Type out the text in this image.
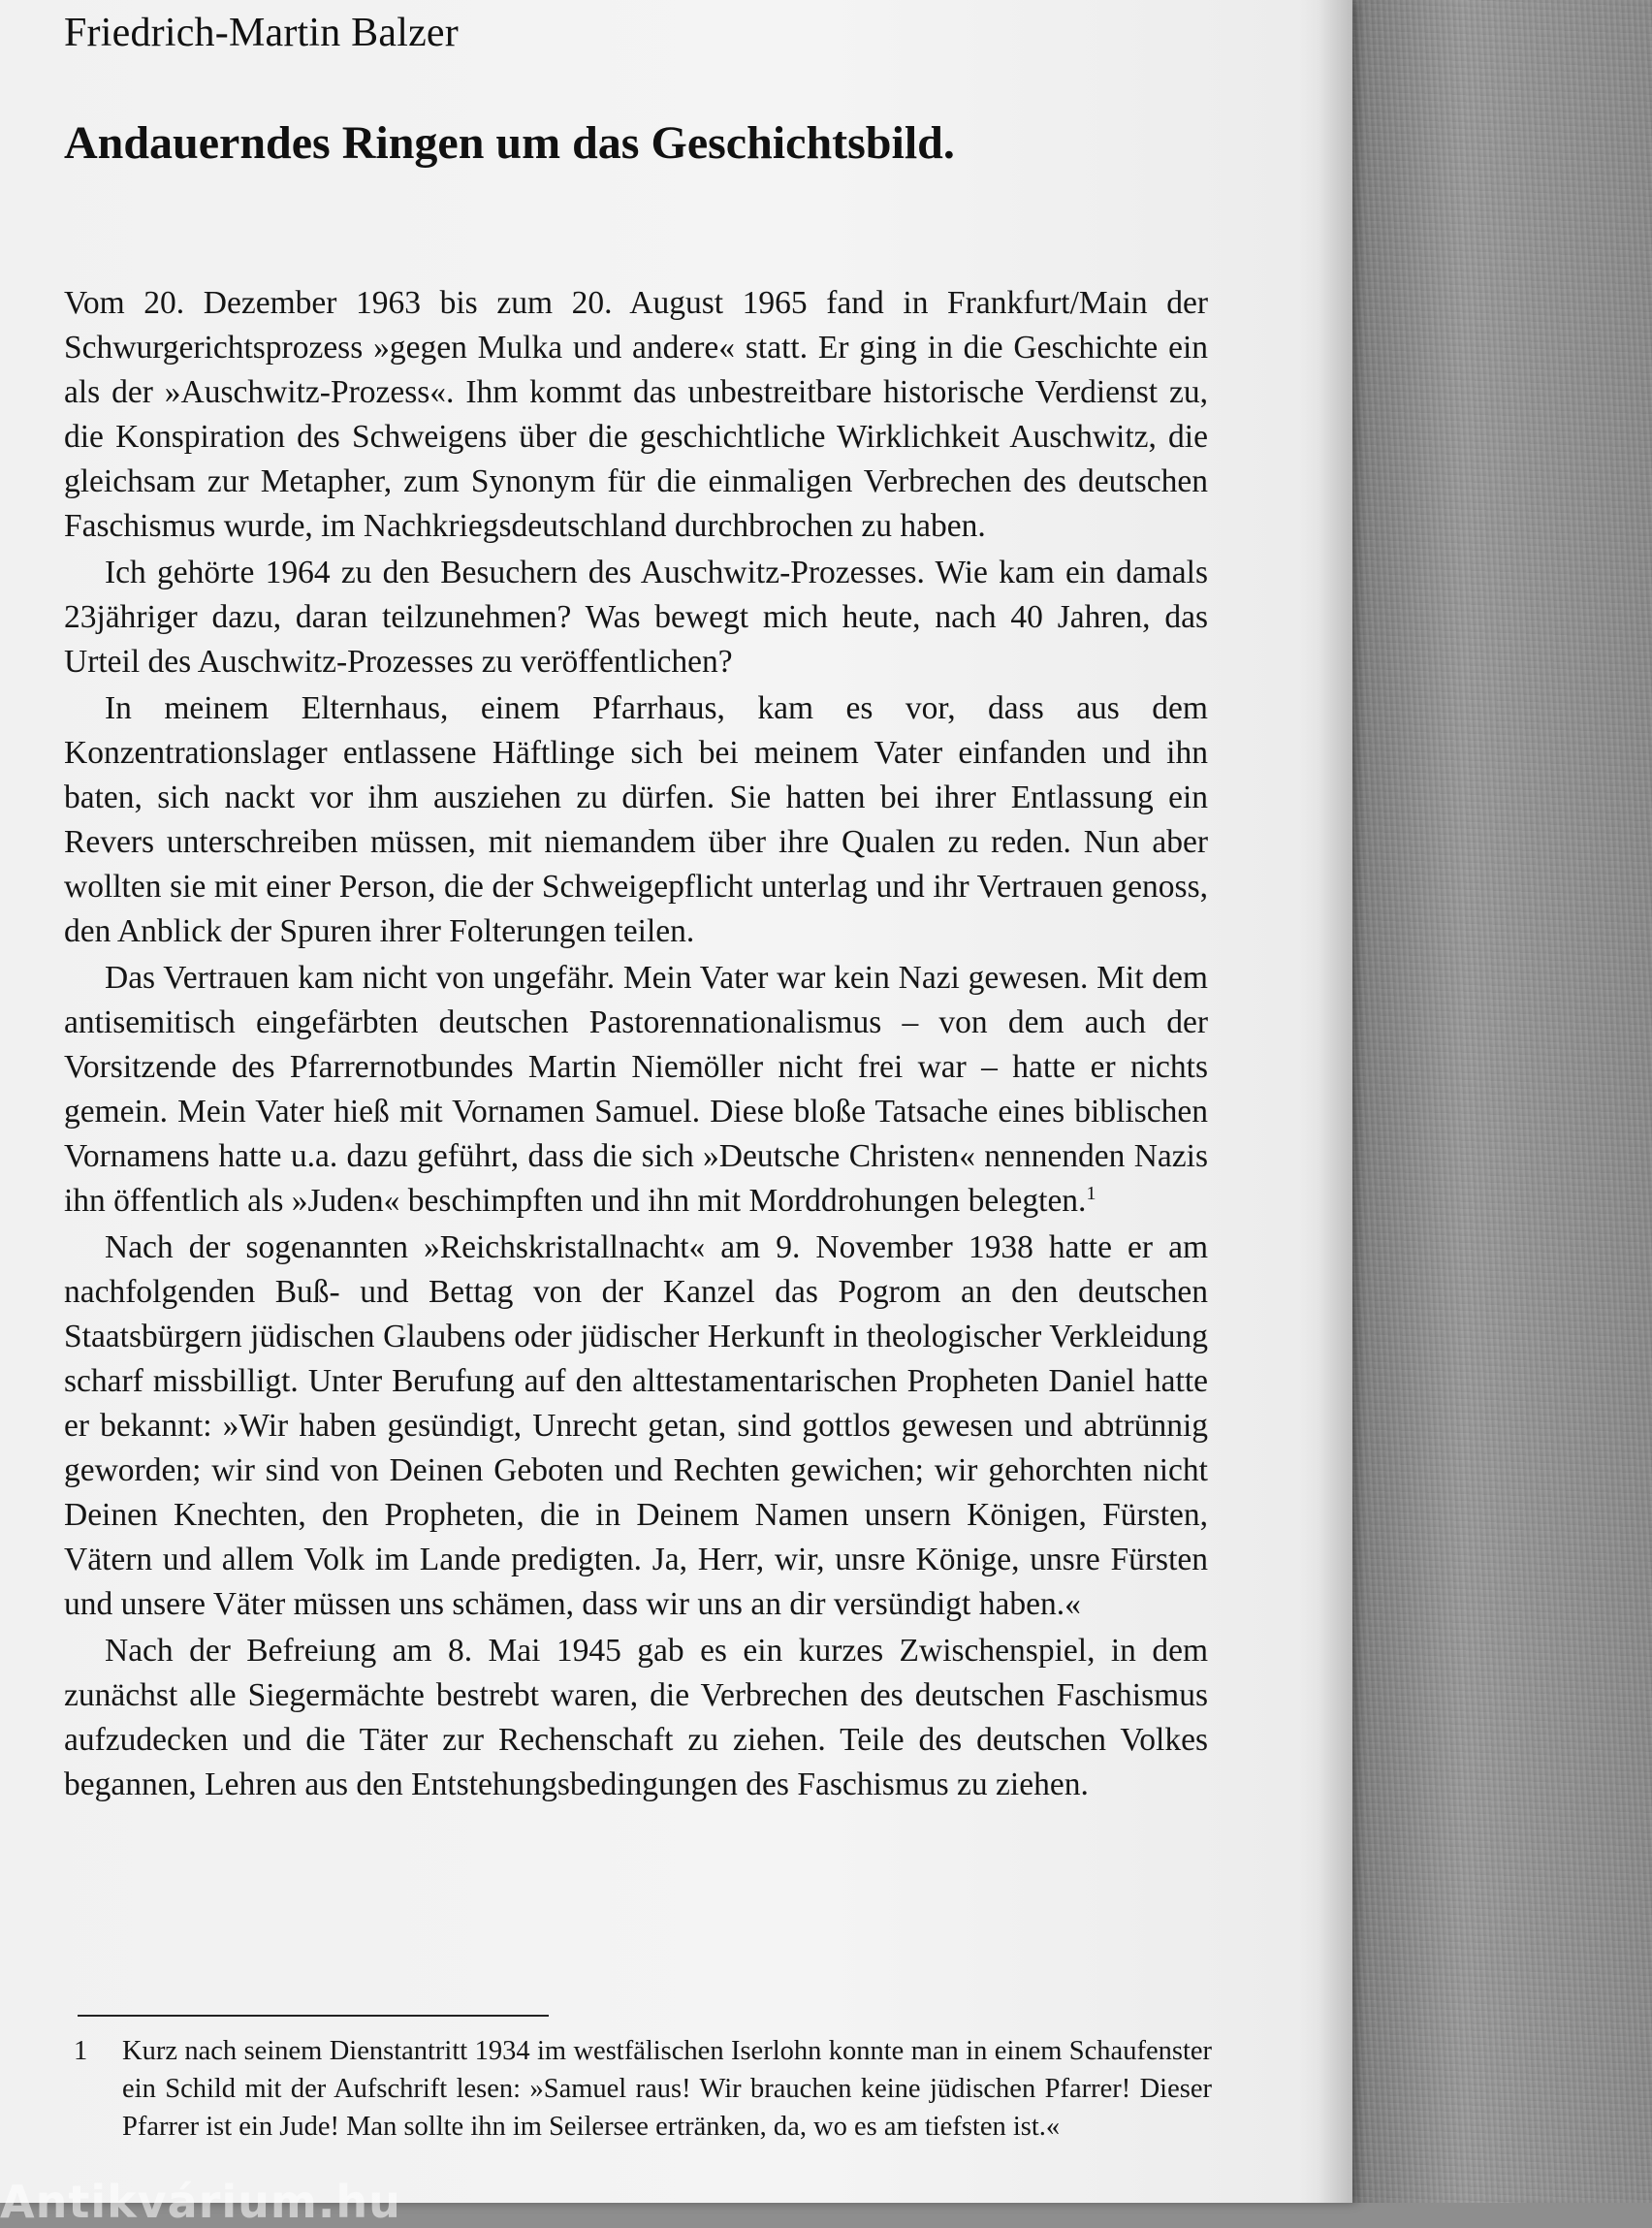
Friedrich-Martin Balzer
Andauerndes Ringen um das Geschichtsbild.

Vom 20. Dezember 1963 bis zum 20. August 1965 fand in Frankfurt/Main der Schwurgerichtsprozess »gegen Mulka und andere« statt. Er ging in die Geschichte ein als der »Auschwitz-Prozess«. Ihm kommt das unbestreitbare historische Verdienst zu, die Konspiration des Schweigens über die geschichtliche Wirklichkeit Auschwitz, die gleichsam zur Metapher, zum Synonym für die einmaligen Verbrechen des deutschen Faschismus wurde, im Nachkriegsdeutschland durchbrochen zu haben.

Ich gehörte 1964 zu den Besuchern des Auschwitz-Prozesses. Wie kam ein damals 23jähriger dazu, daran teilzunehmen? Was bewegt mich heute, nach 40 Jahren, das Urteil des Auschwitz-Prozesses zu veröffentlichen?

In meinem Elternhaus, einem Pfarrhaus, kam es vor, dass aus dem Konzentrationslager entlassene Häftlinge sich bei meinem Vater einfanden und ihn baten, sich nackt vor ihm ausziehen zu dürfen. Sie hatten bei ihrer Entlassung ein Revers unterschreiben müssen, mit niemandem über ihre Qualen zu reden. Nun aber wollten sie mit einer Person, die der Schweigepflicht unterlag und ihr Vertrauen genoss, den Anblick der Spuren ihrer Folterungen teilen.

Das Vertrauen kam nicht von ungefähr. Mein Vater war kein Nazi gewesen. Mit dem antisemitisch eingefärbten deutschen Pastorennationalismus – von dem auch der Vorsitzende des Pfarrernotbundes Martin Niemöller nicht frei war – hatte er nichts gemein. Mein Vater hieß mit Vornamen Samuel. Diese bloße Tatsache eines biblischen Vornamens hatte u.a. dazu geführt, dass die sich »Deutsche Christen« nennenden Nazis ihn öffentlich als »Juden« beschimpften und ihn mit Morddrohungen belegten.$^1$

Nach der sogenannten »Reichskristallnacht« am 9. November 1938 hatte er am nachfolgenden Buß- und Bettag von der Kanzel das Pogrom an den deutschen Staatsbürgern jüdischen Glaubens oder jüdischer Herkunft in theologischer Verkleidung scharf missbilligt. Unter Berufung auf den alttestamentarischen Propheten Daniel hatte er bekannt: »Wir haben gesündigt, Unrecht getan, sind gottlos gewesen und abtrünnig geworden; wir sind von Deinen Geboten und Rechten gewichen; wir gehorchten nicht Deinen Knechten, den Propheten, die in Deinem Namen unsern Königen, Fürsten, Vätern und allem Volk im Lande predigten. Ja, Herr, wir, unsre Könige, unsre Fürsten und unsere Väter müssen uns schämen, dass wir uns an dir versündigt haben.«

Nach der Befreiung am 8. Mai 1945 gab es ein kurzes Zwischenspiel, in dem zunächst alle Siegermächte bestrebt waren, die Verbrechen des deutschen Faschismus aufzudecken und die Täter zur Rechenschaft zu ziehen. Teile des deutschen Volkes begannen, Lehren aus den Entstehungsbedingungen des Faschismus zu ziehen.

1	Kurz nach seinem Dienstantritt 1934 im westfälischen Iserlohn konnte man in einem Schaufenster ein Schild mit der Aufschrift lesen: »Samuel raus! Wir brauchen keine jüdischen Pfarrer! Dieser Pfarrer ist ein Jude! Man sollte ihn im Seilersee ertränken, da, wo es am tiefsten ist.«
Antikvárium.hu
